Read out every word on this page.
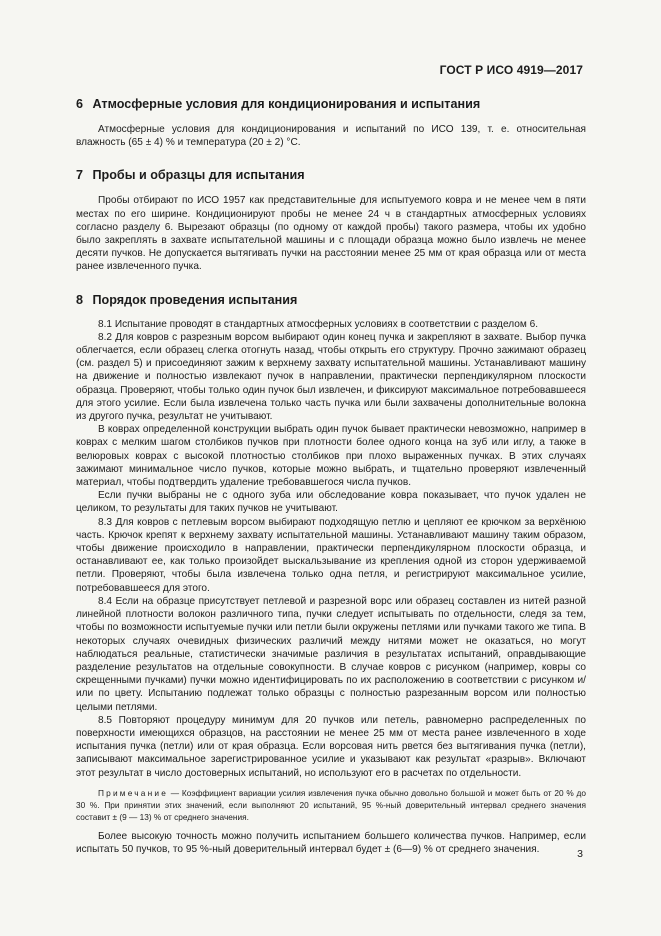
ГОСТ Р ИСО 4919—2017

6 Атмосферные условия для кондиционирования и испытания

Атмосферные условия для кондиционирования и испытаний по ИСО 139, т. е. относительная влажность (65 ± 4) % и температура (20 ± 2) °С.

7 Пробы и образцы для испытания

Пробы отбирают по ИСО 1957 как представительные для испытуемого ковра и не менее чем в пяти местах по его ширине. Кондиционируют пробы не менее 24 ч в стандартных атмосферных условиях согласно разделу 6. Вырезают образцы (по одному от каждой пробы) такого размера, чтобы их удобно было закреплять в захвате испытательной машины и с площади образца можно было извлечь не менее десяти пучков. Не допускается вытягивать пучки на расстоянии менее 25 мм от края образца или от места ранее извлеченного пучка.

8 Порядок проведения испытания

8.1 Испытание проводят в стандартных атмосферных условиях в соответствии с разделом 6.

8.2 Для ковров с разрезным ворсом выбирают один конец пучка и закрепляют в захвате. Выбор пучка облегчается, если образец слегка отогнуть назад, чтобы открыть его структуру. Прочно зажимают образец (см. раздел 5) и присоединяют зажим к верхнему захвату испытательной машины. Устанавливают машину на движение и полностью извлекают пучок в направлении, практически перпендикулярном плоскости образца. Проверяют, чтобы только один пучок был извлечен, и фиксируют максимальное потребовавшееся для этого усилие. Если была извлечена только часть пучка или были захвачены дополнительные волокна из другого пучка, результат не учитывают.

В коврах определенной конструкции выбрать один пучок бывает практически невозможно, например в коврах с мелким шагом столбиков пучков при плотности более одного конца на зуб или иглу, а также в велюровых коврах с высокой плотностью столбиков при плохо выраженных пучках. В этих случаях зажимают минимальное число пучков, которые можно выбрать, и тщательно проверяют извлеченный материал, чтобы подтвердить удаление требовавшегося числа пучков.

Если пучки выбраны не с одного зуба или обследование ковра показывает, что пучок удален не целиком, то результаты для таких пучков не учитывают.

8.3 Для ковров с петлевым ворсом выбирают подходящую петлю и цепляют ее крючком за верхёнюю часть. Крючок крепят к верхнему захвату испытательной машины. Устанавливают машину таким образом, чтобы движение происходило в направлении, практически перпендикулярном плоскости образца, и останавливают ее, как только произойдет выскальзывание из крепления одной из сторон удерживаемой петли. Проверяют, чтобы была извлечена только одна петля, и регистрируют максимальное усилие, потребовавшееся для этого.

8.4 Если на образце присутствует петлевой и разрезной ворс или образец составлен из нитей разной линейной плотности волокон различного типа, пучки следует испытывать по отдельности, следя за тем, чтобы по возможности испытуемые пучки или петли были окружены петлями или пучками такого же типа. В некоторых случаях очевидных физических различий между нитями может не оказаться, но могут наблюдаться реальные, статистически значимые различия в результатах испытаний, оправдывающие разделение результатов на отдельные совокупности. В случае ковров с рисунком (например, ковры со скрещенными пучками) пучки можно идентифицировать по их расположению в соответствии с рисунком и/или по цвету. Испытанию подлежат только образцы с полностью разрезанным ворсом или полностью целыми петлями.

8.5 Повторяют процедуру минимум для 20 пучков или петель, равномерно распределенных по поверхности имеющихся образцов, на расстоянии не менее 25 мм от места ранее извлеченного в ходе испытания пучка (петли) или от края образца. Если ворсовая нить рвется без вытягивания пучка (петли), записывают максимальное зарегистрированное усилие и указывают как результат «разрыв». Включают этот результат в число достоверных испытаний, но используют его в расчетах по отдельности.

Примечание — Коэффициент вариации усилия извлечения пучка обычно довольно большой и может быть от 20 % до 30 %. При принятии этих значений, если выполняют 20 испытаний, 95 %-ный доверительный интервал среднего значения составит ± (9 — 13) % от среднего значения.

Более высокую точность можно получить испытанием большего количества пучков. Например, если испытать 50 пучков, то 95 %-ный доверительный интервал будет ± (6—9) % от среднего значения.	3
